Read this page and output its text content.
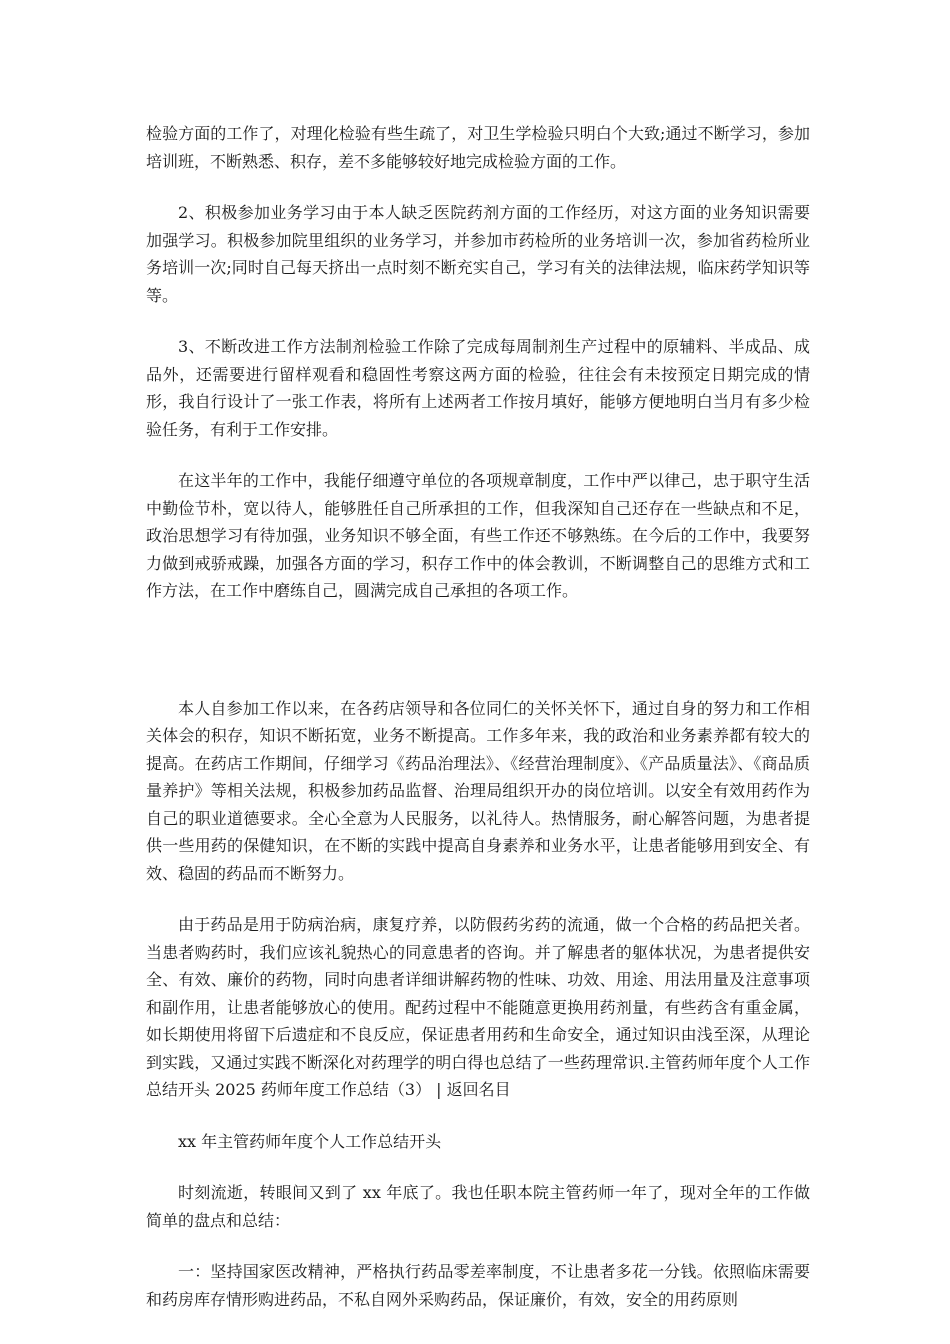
检验方面的工作了，对理化检验有些生疏了，对卫生学检验只明白个大致;通过不断学习，参加培训班，不断熟悉、积存，差不多能够较好地完成检验方面的工作。

2、积极参加业务学习由于本人缺乏医院药剂方面的工作经历，对这方面的业务知识需要加强学习。积极参加院里组织的业务学习，并参加市药检所的业务培训一次，参加省药检所业务培训一次;同时自己每天挤出一点时刻不断充实自己，学习有关的法律法规，临床药学知识等等。

3、不断改进工作方法制剂检验工作除了完成每周制剂生产过程中的原辅料、半成品、成品外，还需要进行留样观看和稳固性考察这两方面的检验，往往会有未按预定日期完成的情形，我自行设计了一张工作表，将所有上述两者工作按月填好，能够方便地明白当月有多少检验任务，有利于工作安排。

在这半年的工作中，我能仔细遵守单位的各项规章制度，工作中严以律己，忠于职守生活中勤俭节朴，宽以待人，能够胜任自己所承担的工作，但我深知自己还存在一些缺点和不足，政治思想学习有待加强，业务知识不够全面，有些工作还不够熟练。在今后的工作中，我要努力做到戒骄戒躁，加强各方面的学习，积存工作中的体会教训，不断调整自己的思维方式和工作方法，在工作中磨练自己，圆满完成自己承担的各项工作。

本人自参加工作以来，在各药店领导和各位同仁的关怀关怀下，通过自身的努力和工作相关体会的积存，知识不断拓宽，业务不断提高。工作多年来，我的政治和业务素养都有较大的提高。在药店工作期间，仔细学习《药品治理法》、《经营治理制度》、《产品质量法》、《商品质量养护》等相关法规，积极参加药品监督、治理局组织开办的岗位培训。以安全有效用药作为自己的职业道德要求。全心全意为人民服务，以礼待人。热情服务，耐心解答问题，为患者提供一些用药的保健知识，在不断的实践中提高自身素养和业务水平，让患者能够用到安全、有效、稳固的药品而不断努力。

由于药品是用于防病治病，康复疗养，以防假药劣药的流通，做一个合格的药品把关者。当患者购药时，我们应该礼貌热心的同意患者的咨询。并了解患者的躯体状况，为患者提供安全、有效、廉价的药物，同时向患者详细讲解药物的性味、功效、用途、用法用量及注意事项和副作用，让患者能够放心的使用。配药过程中不能随意更换用药剂量，有些药含有重金属，如长期使用将留下后遗症和不良反应，保证患者用药和生命安全，通过知识由浅至深，从理论到实践，又通过实践不断深化对药理学的明白得也总结了一些药理常识.主管药师年度个人工作总结开头 2025 药师年度工作总结（3） | 返回名目

xx 年主管药师年度个人工作总结开头

时刻流逝，转眼间又到了 xx 年底了。我也任职本院主管药师一年了，现对全年的工作做简单的盘点和总结：

一：坚持国家医改精神，严格执行药品零差率制度，不让患者多花一分钱。依照临床需要和药房库存情形购进药品，不私自网外采购药品，保证廉价，有效，安全的用药原则
